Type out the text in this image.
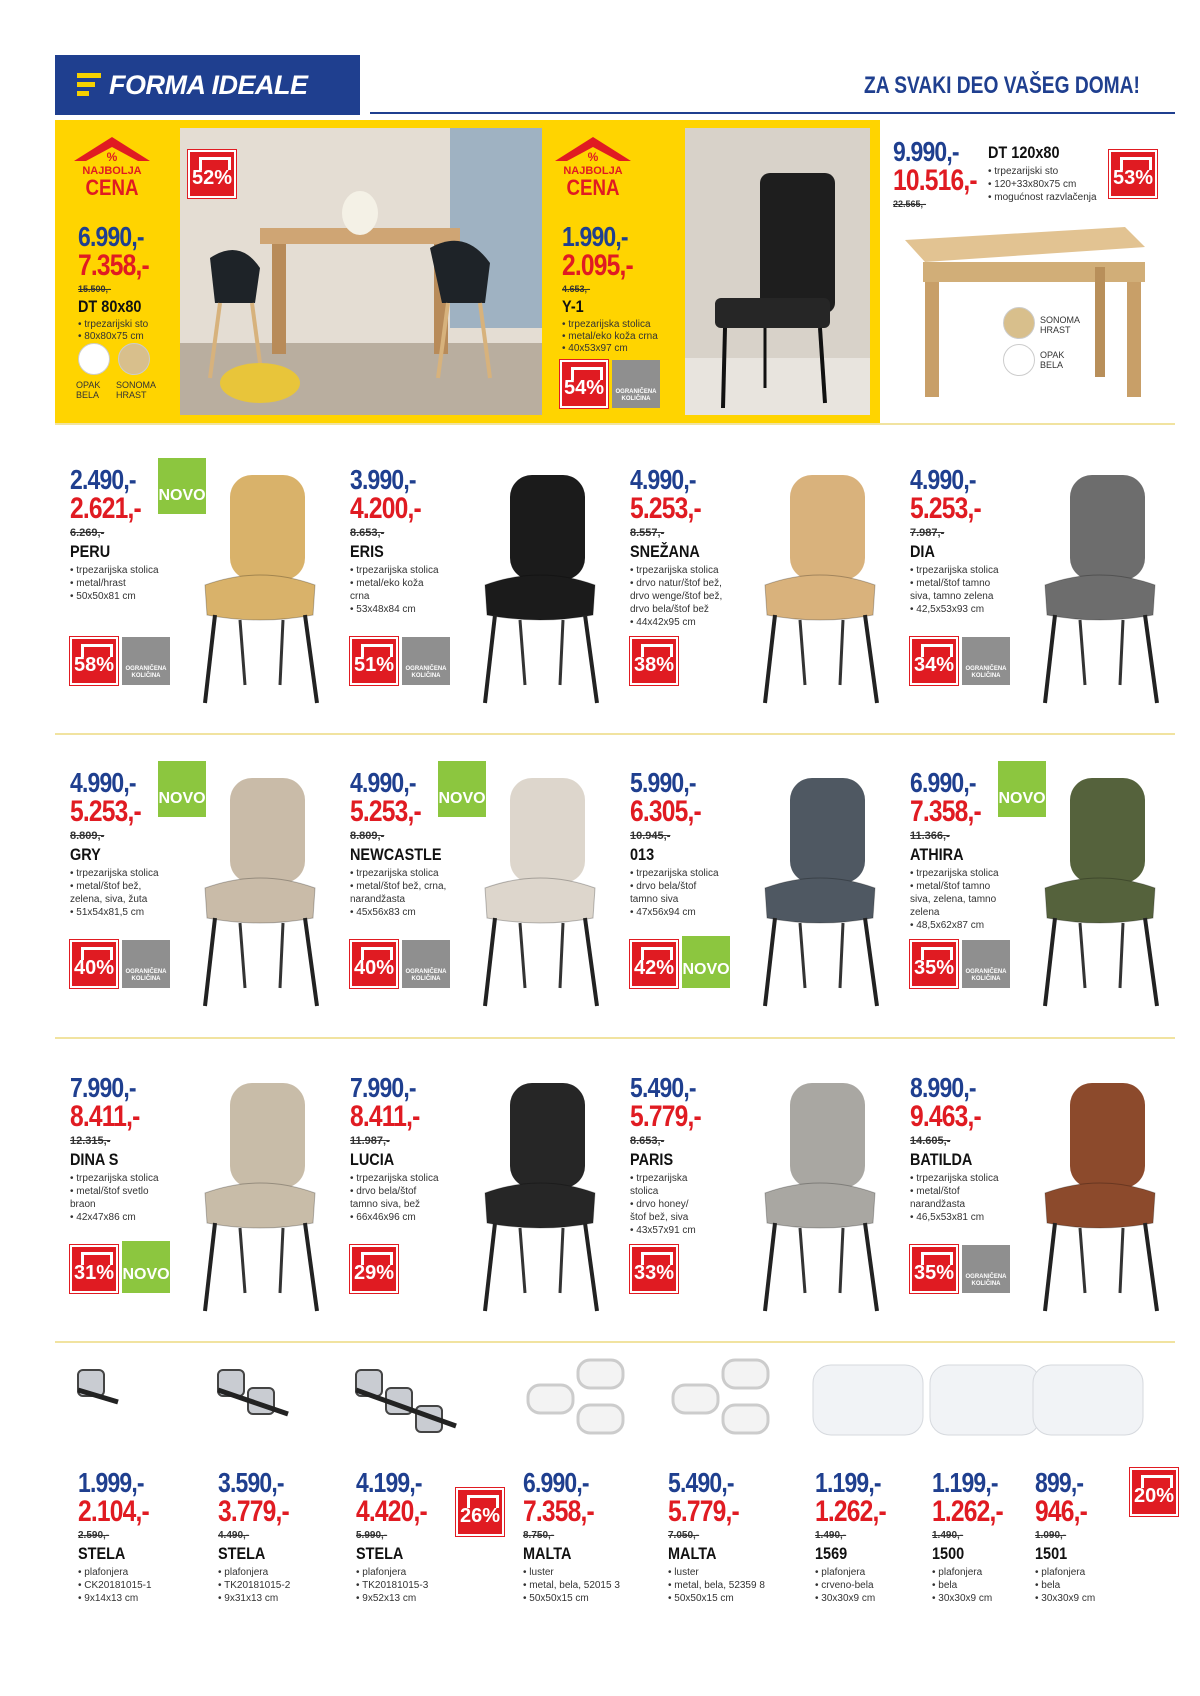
FORMA IDEALE	ZA SVAKI DEO VAŠEG DOMA!
%
NAJBOLJA
CENA
6.990,-
7.358,-
15.500,-
DT 80x80
• trpezarijski sto
• 80x80x75 cm
OPAK BELA
SONOMA HRAST
52%
%
NAJBOLJA
CENA
1.990,-
2.095,-
4.653,-
Y-1
• trpezarijska stolica
• metal/eko koža crna
• 40x53x97 cm
54%	OGRANIČENA KOLIČINA
9.990,-
10.516,-
22.565,-
DT 120x80
• trpezarijski sto
• 120+33x80x75 cm
• mogućnost razvlačenja
53%
SONOMA HRAST
OPAK BELA
2.490,-
2.621,-
6.269,-
PERU
• trpezarijska stolica
• metal/hrast
• 50x50x81 cm
NOVO
58%	OGRANIČENA KOLIČINA
3.990,-
4.200,-
8.653,-
ERIS
• trpezarijska stolica
• metal/eko koža
crna
• 53x48x84 cm
51%	OGRANIČENA KOLIČINA
4.990,-
5.253,-
8.557,-
SNEŽANA
• trpezarijska stolica
• drvo natur/štof bež,
drvo wenge/štof bež,
drvo bela/štof bež
• 44x42x95 cm
38%
4.990,-
5.253,-
7.987,-
DIA
• trpezarijska stolica
• metal/štof tamno
siva, tamno zelena
• 42,5x53x93 cm
34%	OGRANIČENA KOLIČINA
4.990,-
5.253,-
8.809,-
GRY
• trpezarijska stolica
• metal/štof bež,
zelena, siva, žuta
• 51x54x81,5 cm
NOVO
40%	OGRANIČENA KOLIČINA
4.990,-
5.253,-
8.809,-
NEWCASTLE
• trpezarijska stolica
• metal/štof bež, crna,
narandžasta
• 45x56x83 cm
NOVO
40%	OGRANIČENA KOLIČINA
5.990,-
6.305,-
10.945,-
013
• trpezarijska stolica
• drvo bela/štof
tamno siva
• 47x56x94 cm
42% NOVO
6.990,-
7.358,-
11.366,-
ATHIRA
• trpezarijska stolica
• metal/štof tamno
siva, zelena, tamno
zelena
• 48,5x62x87 cm
NOVO
35%	OGRANIČENA KOLIČINA
7.990,-
8.411,-
12.315,-
DINA S
• trpezarijska stolica
• metal/štof svetlo
braon
• 42x47x86 cm
31% NOVO
7.990,-
8.411,-
11.987,-
LUCIA
• trpezarijska stolica
• drvo bela/štof
tamno siva, bež
• 66x46x96 cm
29%
5.490,-
5.779,-
8.653,-
PARIS
• trpezarijska
stolica
• drvo honey/
štof bež, siva
• 43x57x91 cm
33%
8.990,-
9.463,-
14.605,-
BATILDA
• trpezarijska stolica
• metal/štof
narandžasta
• 46,5x53x81 cm
35%	OGRANIČENA KOLIČINA
1.999,-
2.104,-
2.590,-
STELA
• plafonjera
• CK20181015-1
• 9x14x13 cm
3.590,-
3.779,-
4.490,-
STELA
• plafonjera
• TK20181015-2
• 9x31x13 cm
4.199,-
4.420,-
5.990,-
STELA
• plafonjera
• TK20181015-3
• 9x52x13 cm
26%
6.990,-
7.358,-
8.750,-
MALTA
• luster
• metal, bela, 52015 3
• 50x50x15 cm
5.490,-
5.779,-
7.050,-
MALTA
• luster
• metal, bela, 52359 8
• 50x50x15 cm
1.199,-
1.262,-
1.490,-
1569
• plafonjera
• crveno-bela
• 30x30x9 cm
1.199,-
1.262,-
1.490,-
1500
• plafonjera
• bela
• 30x30x9 cm
899,-
946,-
1.090,-
1501
• plafonjera
• bela
• 30x30x9 cm
20%
